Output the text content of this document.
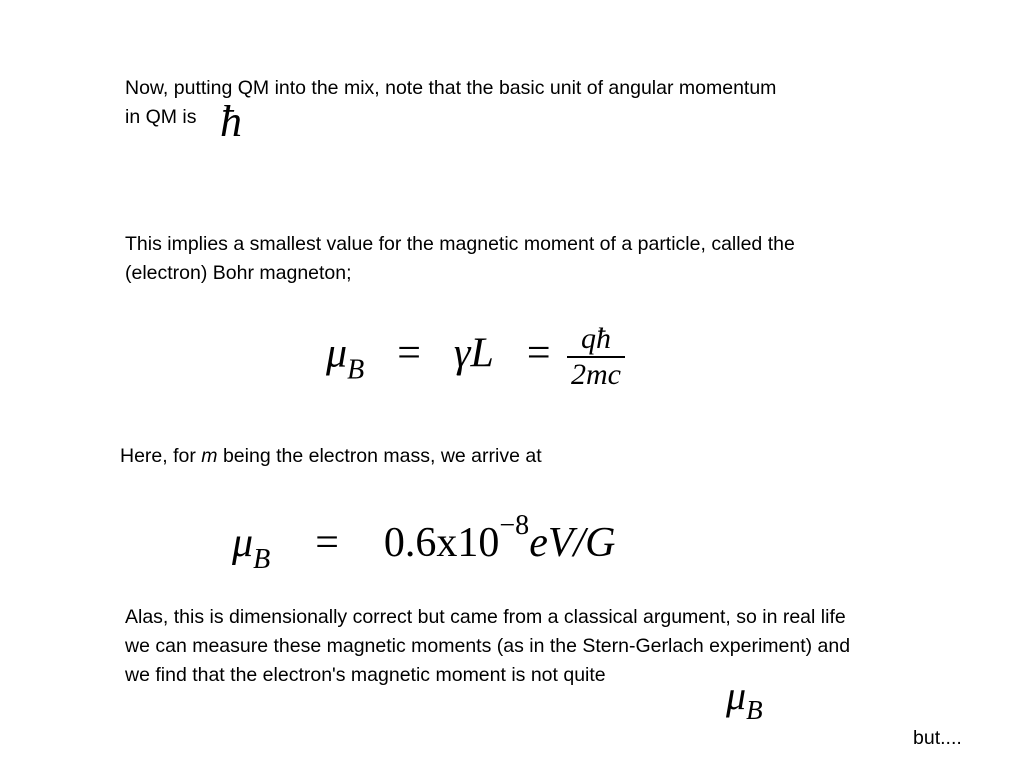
Now, putting QM into the mix, note that the basic unit of angular momentum
in QM is ħ
This implies a smallest value for the magnetic moment of a particle, called the
(electron) Bohr magneton;
$\mu_B = \gamma L = \frac{qħ}{2mc}$
Here, for m being the electron mass, we arrive at
$\mu_B = 0.6x10^{-8}eV/G$
Alas, this is dimensionally correct but came from a classical argument, so in real life
we can measure these magnetic moments (as in the Stern-Gerlach experiment) and
we find that the electron's magnetic moment is not quite	$\mu_B$
but....
